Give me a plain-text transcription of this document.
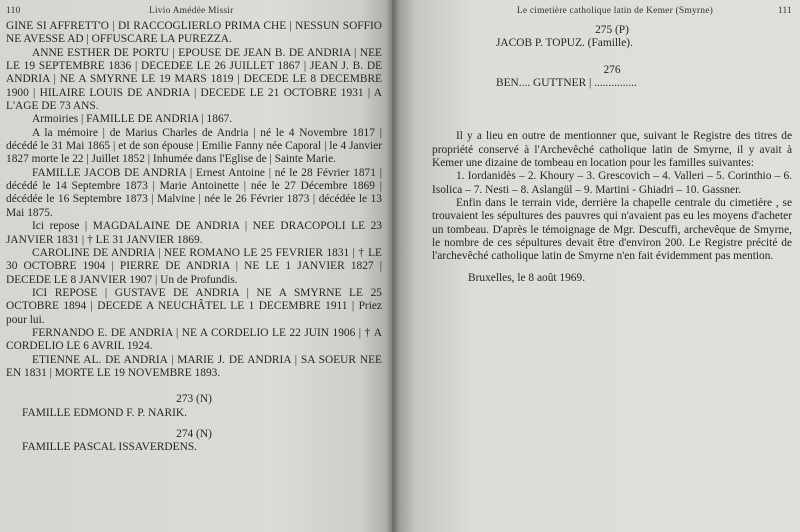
110	Livio Amédée Missir

GINE SI AFFRETT'O | DI RACCOGLIERLO PRIMA CHE | NESSUN SOFFIO NE AVESSE AD | OFFUSCARE LA PUREZZA.

ANNE ESTHER DE PORTU | EPOUSE DE JEAN B. DE ANDRIA | NEE LE 19 SEPTEMBRE 1836 | DECEDEE LE 26 JUILLET 1867 | JEAN J. B. DE ANDRIA | NE A SMYRNE LE 19 MARS 1819 | DECEDE LE 8 DECEMBRE 1900 | HILAIRE LOUIS DE ANDRIA | DECEDE LE 21 OCTOBRE 1931 | A L'AGE DE 73 ANS.

Armoiries | FAMILLE DE ANDRIA | 1867.

A la mémoire | de Marius Charles de Andria | né le 4 Novembre 1817 | décédé le 31 Mai 1865 | et de son épouse | Emilie Fanny née Caporal | le 4 Janvier 1827 morte le 22 | Juillet 1852 | Inhumée dans l'Eglise de | Sainte Marie.

FAMILLE JACOB DE ANDRIA | Ernest Antoine | né le 28 Février 1871 | décédé le 14 Septembre 1873 | Marie Antoinette | née le 27 Décembre 1869 | décédée le 16 Septembre 1873 | Malvine | née le 26 Février 1873 | décédée le 13 Mai 1875.

Ici repose | MAGDALAINE DE ANDRIA | NEE DRACOPOLI LE 23 JANVIER 1831 | † LE 31 JANVIER 1869.

CAROLINE DE ANDRIA | NEE ROMANO LE 25 FEVRIER 1831 | † LE 30 OCTOBRE 1904 | PIERRE DE ANDRIA | NE LE 1 JANVIER 1827 | DECEDE LE 8 JANVIER 1907 | Un de Profundis.

ICI REPOSE | GUSTAVE DE ANDRIA | NE A SMYRNE LE 25 OCTOBRE 1894 | DECEDE A NEUCHÂTEL LE 1 DECEMBRE 1911 | Priez pour lui.

FERNANDO E. DE ANDRIA | NE A CORDELIO LE 22 JUIN 1906 | † A CORDELIO LE 6 AVRIL 1924.

ETIENNE AL. DE ANDRIA | MARIE J. DE ANDRIA | SA SOEUR NEE EN 1831 | MORTE LE 19 NOVEMBRE 1893.

273 (N)
FAMILLE EDMOND F. P. NARIK.
274 (N)
FAMILLE PASCAL ISSAVERDENS.
Le cimetière catholique latin de Kemer (Smyrne)	111
275 (P)
JACOB P. TOPUZ. (Famille).
276
BEN.... GUTTNER | ...............

Il y a lieu en outre de mentionner que, suivant le Registre des titres de propriété conservé à l'Archevêché catholique latin de Smyrne, il y avait à Kemer une dizaine de tombeau en location pour les familles suivantes:

1. Iordanidès – 2. Khoury – 3. Grescovich – 4. Valleri – 5. Corinthio – 6. Isolica – 7. Nesti – 8. Aslangül – 9. Martini - Ghiadri – 10. Gassner.

Enfin dans le terrain vide, derrière la chapelle centrale du cimetière , se trouvaient les sépultures des pauvres qui n'avaient pas eu les moyens d'acheter un tombeau. D'après le témoignage de Mgr. Descuffi, archevêque de Smyrne, le nombre de ces sépultures devait être d'environ 200. Le Registre précité de l'archevêché catholique latin de Smyrne n'en fait évidemment pas mention.

Bruxelles, le 8 août 1969.
